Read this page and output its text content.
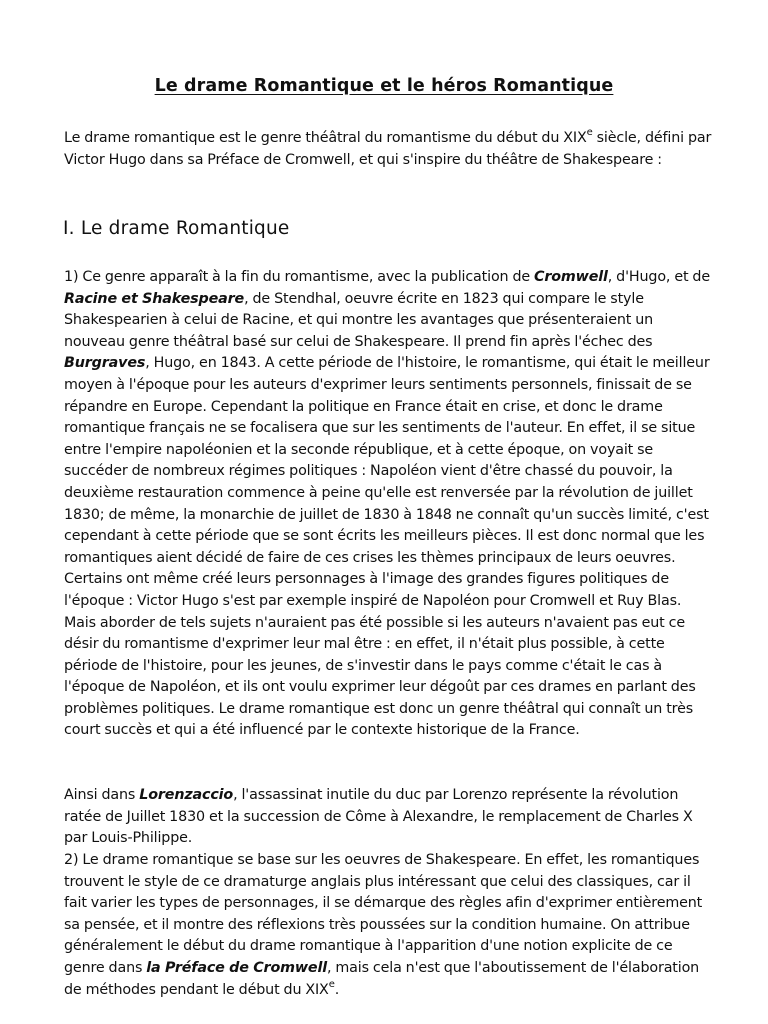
Le drame Romantique et le héros Romantique

Le drame romantique est le genre théâtral du romantisme du début du XIXe siècle, défini par Victor Hugo dans sa Préface de Cromwell, et qui s'inspire du théâtre de Shakespeare :

I. Le drame Romantique

1) Ce genre apparaît à la fin du romantisme, avec la publication de Cromwell, d'Hugo, et de Racine et Shakespeare, de Stendhal, oeuvre écrite en 1823 qui compare le style Shakespearien à celui de Racine, et qui montre les avantages que présenteraient un nouveau genre théâtral basé sur celui de Shakespeare. Il prend fin après l'échec des Burgraves, Hugo, en 1843. A cette période de l'histoire, le romantisme, qui était le meilleur moyen à l'époque pour les auteurs d'exprimer leurs sentiments personnels, finissait de se répandre en Europe. Cependant la politique en France était en crise, et donc le drame romantique français ne se focalisera que sur les sentiments de l'auteur. En effet, il se situe entre l'empire napoléonien et la seconde république, et à cette époque, on voyait se succéder de nombreux régimes politiques : Napoléon vient d'être chassé du pouvoir, la deuxième restauration commence à peine qu'elle est renversée par la révolution de juillet 1830; de même, la monarchie de juillet de 1830 à 1848 ne connaît qu'un succès limité, c'est cependant à cette période que se sont écrits les meilleurs pièces. Il est donc normal que les romantiques aient décidé de faire de ces crises les thèmes principaux de leurs oeuvres. Certains ont même créé leurs personnages à l'image des grandes figures politiques de l'époque : Victor Hugo s'est par exemple inspiré de Napoléon pour Cromwell et Ruy Blas. Mais aborder de tels sujets n'auraient pas été possible si les auteurs n'avaient pas eut ce désir du romantisme d'exprimer leur mal être : en effet, il n'était plus possible, à cette période de l'histoire, pour les jeunes, de s'investir dans le pays comme c'était le cas à l'époque de Napoléon, et ils ont voulu exprimer leur dégoût par ces drames en parlant des problèmes politiques. Le drame romantique est donc un genre théâtral qui connaît un très court succès et qui a été influencé par le contexte historique de la France.

Ainsi dans Lorenzaccio, l'assassinat inutile du duc par Lorenzo représente la révolution ratée de Juillet 1830 et la succession de Côme à Alexandre, le remplacement de Charles X par Louis-Philippe.

2) Le drame romantique se base sur les oeuvres de Shakespeare. En effet, les romantiques trouvent le style de ce dramaturge anglais plus intéressant que celui des classiques, car il fait varier les types de personnages, il se démarque des règles afin d'exprimer entièrement sa pensée, et il montre des réflexions très poussées sur la condition humaine. On attribue généralement le début du drame romantique à l'apparition d'une notion explicite de ce genre dans la Préface de Cromwell, mais cela n'est que l'aboutissement de l'élaboration de méthodes pendant le début du XIXe.
